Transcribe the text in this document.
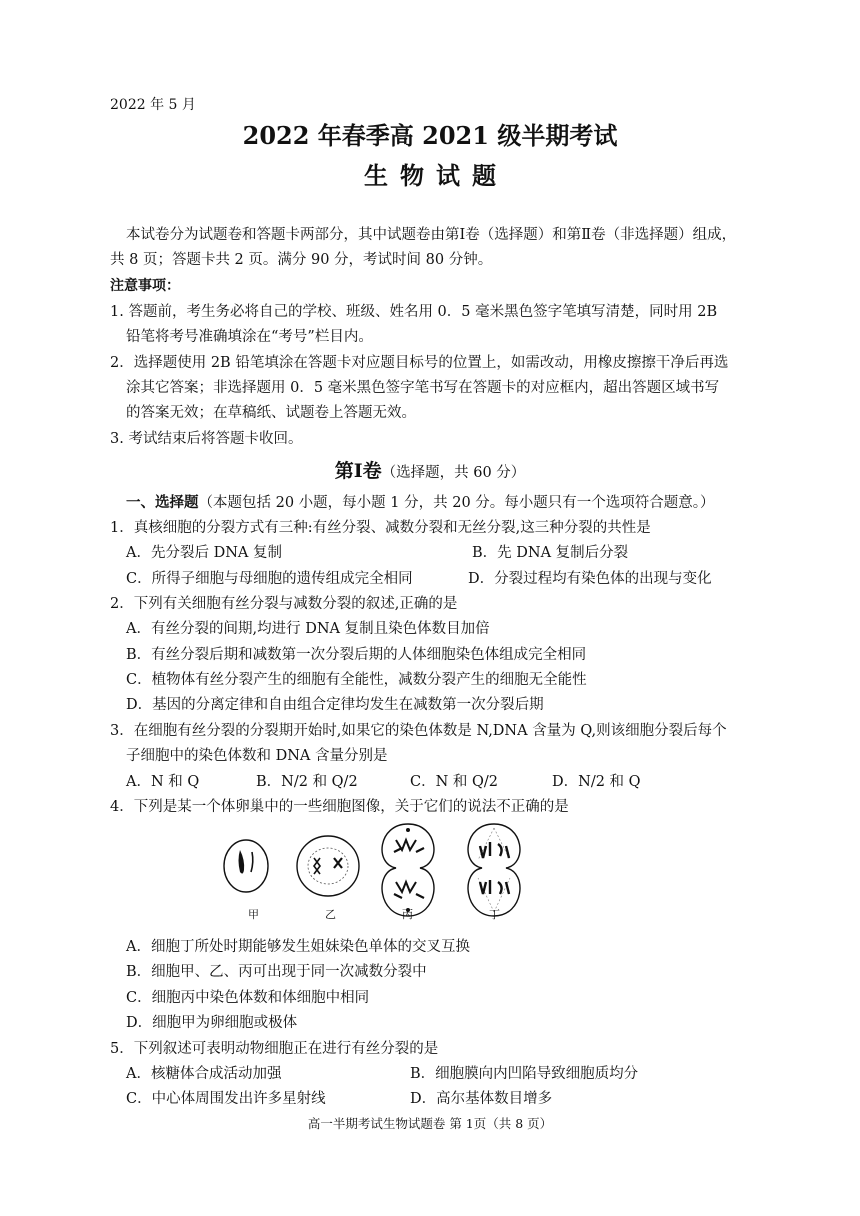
2022 年 5 月
2022 年春季高 2021 级半期考试
生物试题
本试卷分为试题卷和答题卡两部分，其中试题卷由第Ⅰ卷（选择题）和第Ⅱ卷（非选择题）组成，
共 8 页；答题卡共 2 页。满分 90 分，考试时间 80 分钟。
注意事项：
1. 答题前，考生务必将自己的学校、班级、姓名用 0．5 毫米黑色签字笔填写清楚，同时用 2B
铅笔将考号准确填涂在“考号”栏目内。
2．选择题使用 2B 铅笔填涂在答题卡对应题目标号的位置上，如需改动，用橡皮擦擦干净后再选
涂其它答案；非选择题用 0．5 毫米黑色签字笔书写在答题卡的对应框内，超出答题区域书写
的答案无效；在草稿纸、试题卷上答题无效。
3. 考试结束后将答题卡收回。
第Ⅰ卷（选择题，共 60 分）
一、选择题（本题包括 20 小题，每小题 1 分，共 20 分。每小题只有一个选项符合题意。）
1．真核细胞的分裂方式有三种:有丝分裂、减数分裂和无丝分裂,这三种分裂的共性是
A．先分裂后 DNA 复制	B．先 DNA 复制后分裂
C．所得子细胞与母细胞的遗传组成完全相同	D．分裂过程均有染色体的出现与变化
2．下列有关细胞有丝分裂与减数分裂的叙述,正确的是
A．有丝分裂的间期,均进行 DNA 复制且染色体数目加倍
B．有丝分裂后期和减数第一次分裂后期的人体细胞染色体组成完全相同
C．植物体有丝分裂产生的细胞有全能性，减数分裂产生的细胞无全能性
D．基因的分离定律和自由组合定律均发生在减数第一次分裂后期
3．在细胞有丝分裂的分裂期开始时,如果它的染色体数是 N,DNA 含量为 Q,则该细胞分裂后每个
子细胞中的染色体数和 DNA 含量分别是
A．N 和 Q	B．N/2 和 Q/2	C．N 和 Q/2	D．N/2 和 Q
4．下列是某一个体卵巢中的一些细胞图像，关于它们的说法不正确的是
甲	乙	丙	丁
A．细胞丁所处时期能够发生姐妹染色单体的交叉互换
B．细胞甲、乙、丙可出现于同一次减数分裂中
C．细胞丙中染色体数和体细胞中相同
D．细胞甲为卵细胞或极体
5．下列叙述可表明动物细胞正在进行有丝分裂的是
A．核糖体合成活动加强	B．细胞膜向内凹陷导致细胞质均分
C．中心体周围发出许多星射线	D．高尔基体数目增多
高一半期考试生物试题卷 第 1页（共 8 页）
